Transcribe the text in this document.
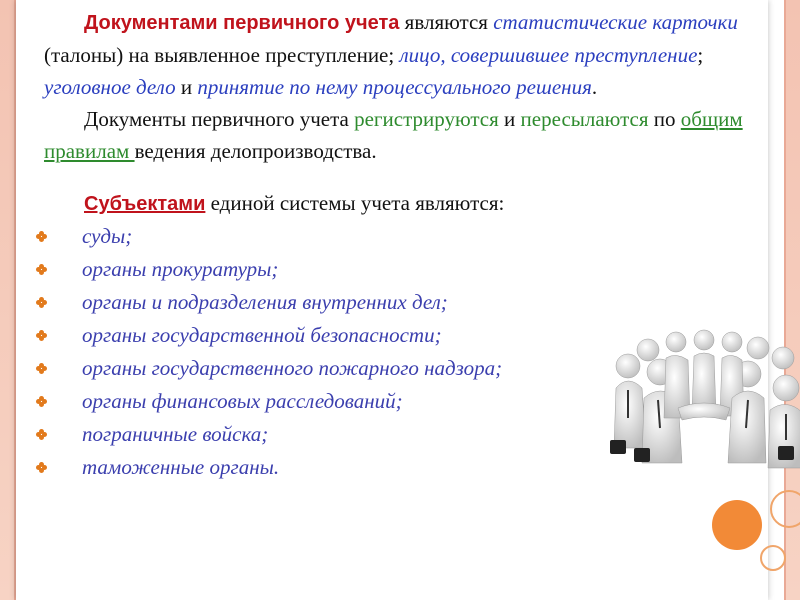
Документами первичного учета являются статистические карточки (талоны) на выявленное преступление; лицо, совершившее преступление; уголовное дело и принятие по нему процессуального решения.

Документы первичного учета регистрируются и пересылаются по общим правилам ведения делопроизводства.

Субъектами единой системы учета являются:

суды;
органы прокуратуры;
органы и подразделения внутренних дел;
органы государственной безопасности;
органы государственного пожарного надзора;
органы финансовых расследований;
пограничные войска;
таможенные органы.
